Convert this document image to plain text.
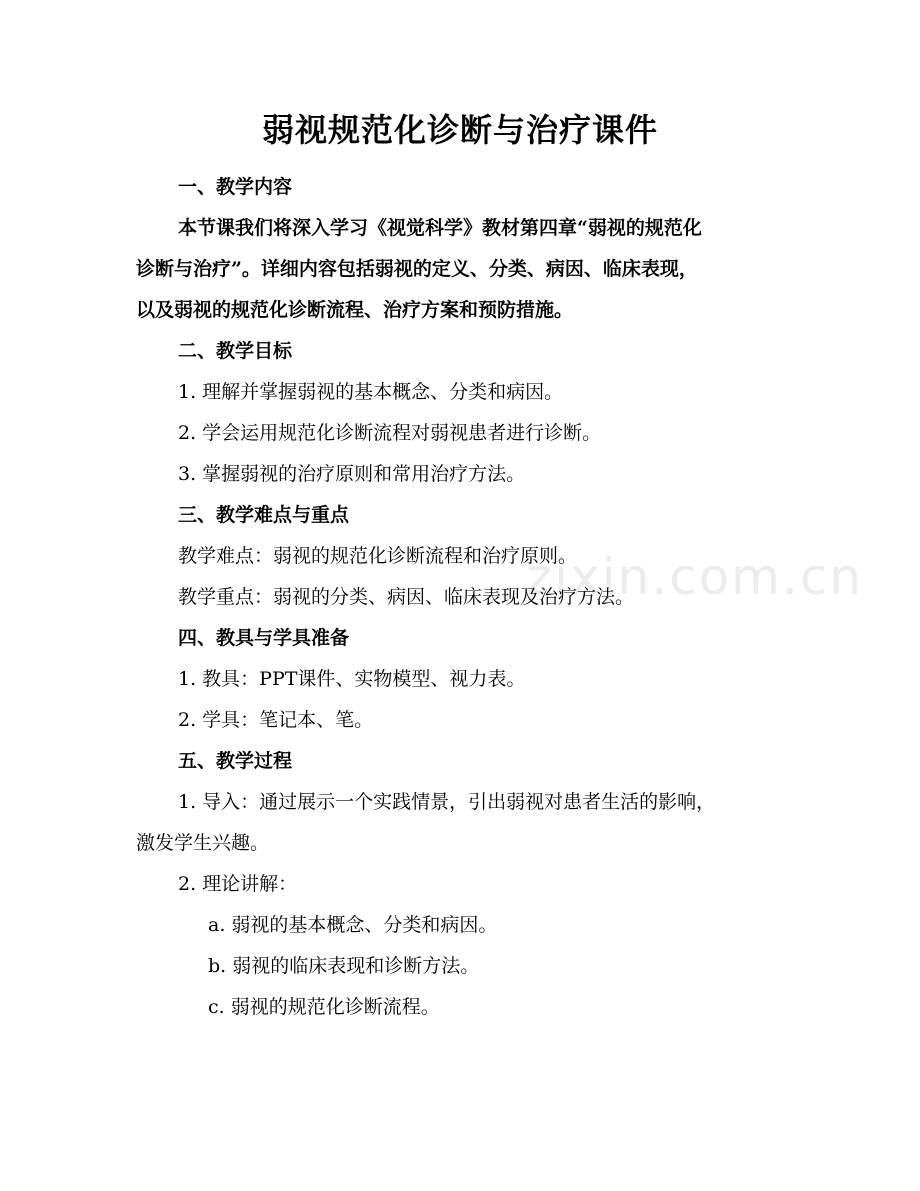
zixin.com.cn
弱视规范化诊断与治疗课件
一、教学内容
本节课我们将深入学习《视觉科学》教材第四章“弱视的规范化
诊断与治疗”。详细内容包括弱视的定义、分类、病因、临床表现，
以及弱视的规范化诊断流程、治疗方案和预防措施。
二、教学目标
1. 理解并掌握弱视的基本概念、分类和病因。
2. 学会运用规范化诊断流程对弱视患者进行诊断。
3. 掌握弱视的治疗原则和常用治疗方法。
三、教学难点与重点
教学难点：弱视的规范化诊断流程和治疗原则。
教学重点：弱视的分类、病因、临床表现及治疗方法。
四、教具与学具准备
1. 教具：PPT课件、实物模型、视力表。
2. 学具：笔记本、笔。
五、教学过程
1. 导入：通过展示一个实践情景，引出弱视对患者生活的影响，
激发学生兴趣。
2. 理论讲解：
a. 弱视的基本概念、分类和病因。
b. 弱视的临床表现和诊断方法。
c. 弱视的规范化诊断流程。
